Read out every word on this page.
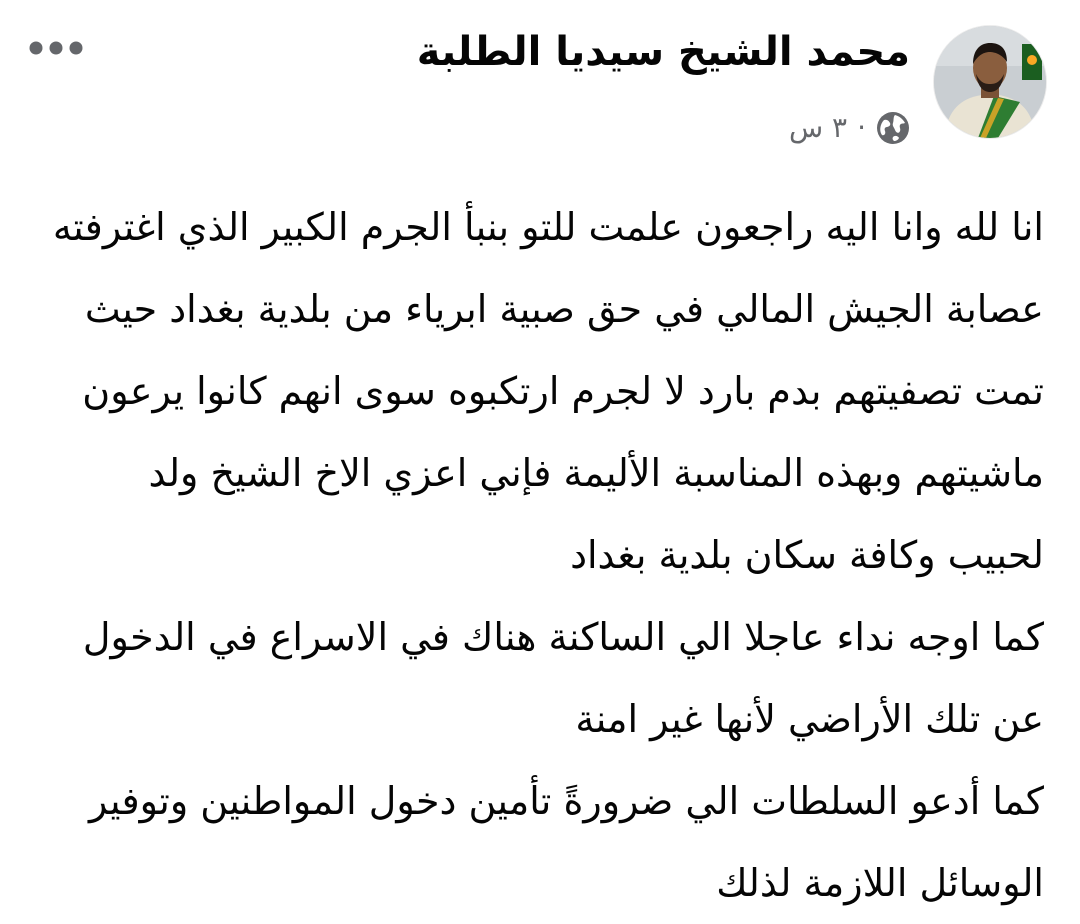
محمد الشيخ سيديا الطلبة
٣ س ·
انا لله وانا اليه راجعون علمت للتو بنبأ الجرم الكبير الذي اغترفته
عصابة الجيش المالي في حق صبية ابرياء من بلدية بغداد حيث
تمت تصفيتهم بدم بارد لا لجرم ارتكبوه سوى انهم كانوا يرعون
ماشيتهم وبهذه المناسبة الأليمة فإني اعزي الاخ الشيخ ولد
لحبيب وكافة سكان بلدية بغداد
كما اوجه نداء عاجلا الي الساكنة هناك في الاسراع في الدخول
عن تلك الأراضي لأنها غير امنة
كما أدعو السلطات الي ضرورةً تأمين دخول المواطنين وتوفير
الوسائل اللازمة لذلك
